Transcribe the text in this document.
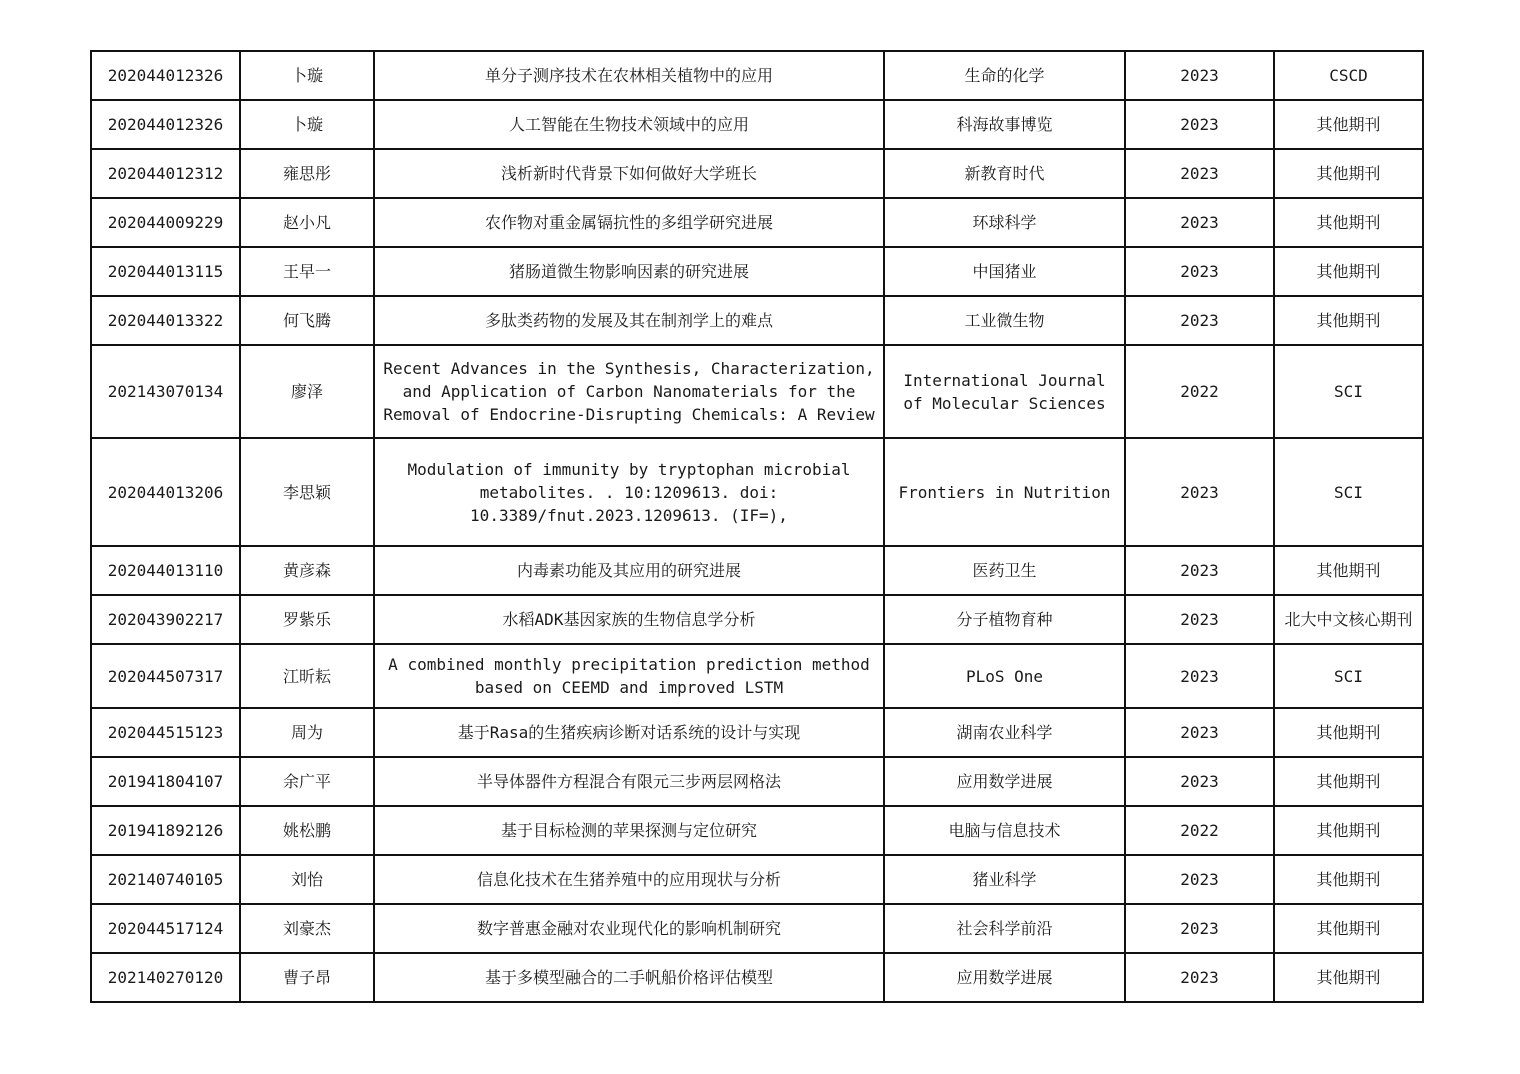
202044012326	卜璇	单分子测序技术在农林相关植物中的应用	生命的化学	2023	CSCD
202044012326	卜璇	人工智能在生物技术领域中的应用	科海故事博览	2023	其他期刊
202044012312	雍思彤	浅析新时代背景下如何做好大学班长	新教育时代	2023	其他期刊
202044009229	赵小凡	农作物对重金属镉抗性的多组学研究进展	环球科学	2023	其他期刊
202044013115	王早一	猪肠道微生物影响因素的研究进展	中国猪业	2023	其他期刊
202044013322	何飞腾	多肽类药物的发展及其在制剂学上的难点	工业微生物	2023	其他期刊
202143070134	廖泽	Recent Advances in the Synthesis, Characterization, and Application of Carbon Nanomaterials for the Removal of Endocrine-Disrupting Chemicals: A Review	International Journal of Molecular Sciences	2022	SCI
202044013206	李思颖	Modulation of immunity by tryptophan microbial metabolites. . 10:1209613. doi: 10.3389/fnut.2023.1209613. (IF=),	Frontiers in Nutrition	2023	SCI
202044013110	黄彦森	内毒素功能及其应用的研究进展	医药卫生	2023	其他期刊
202043902217	罗紫乐	水稻ADK基因家族的生物信息学分析	分子植物育种	2023	北大中文核心期刊
202044507317	江昕耘	A combined monthly precipitation prediction method based on CEEMD and improved LSTM	PLoS One	2023	SCI
202044515123	周为	基于Rasa的生猪疾病诊断对话系统的设计与实现	湖南农业科学	2023	其他期刊
201941804107	余广平	半导体器件方程混合有限元三步两层网格法	应用数学进展	2023	其他期刊
201941892126	姚松鹏	基于目标检测的苹果探测与定位研究	电脑与信息技术	2022	其他期刊
202140740105	刘怡	信息化技术在生猪养殖中的应用现状与分析	猪业科学	2023	其他期刊
202044517124	刘豪杰	数字普惠金融对农业现代化的影响机制研究	社会科学前沿	2023	其他期刊
202140270120	曹子昂	基于多模型融合的二手帆船价格评估模型	应用数学进展	2023	其他期刊
